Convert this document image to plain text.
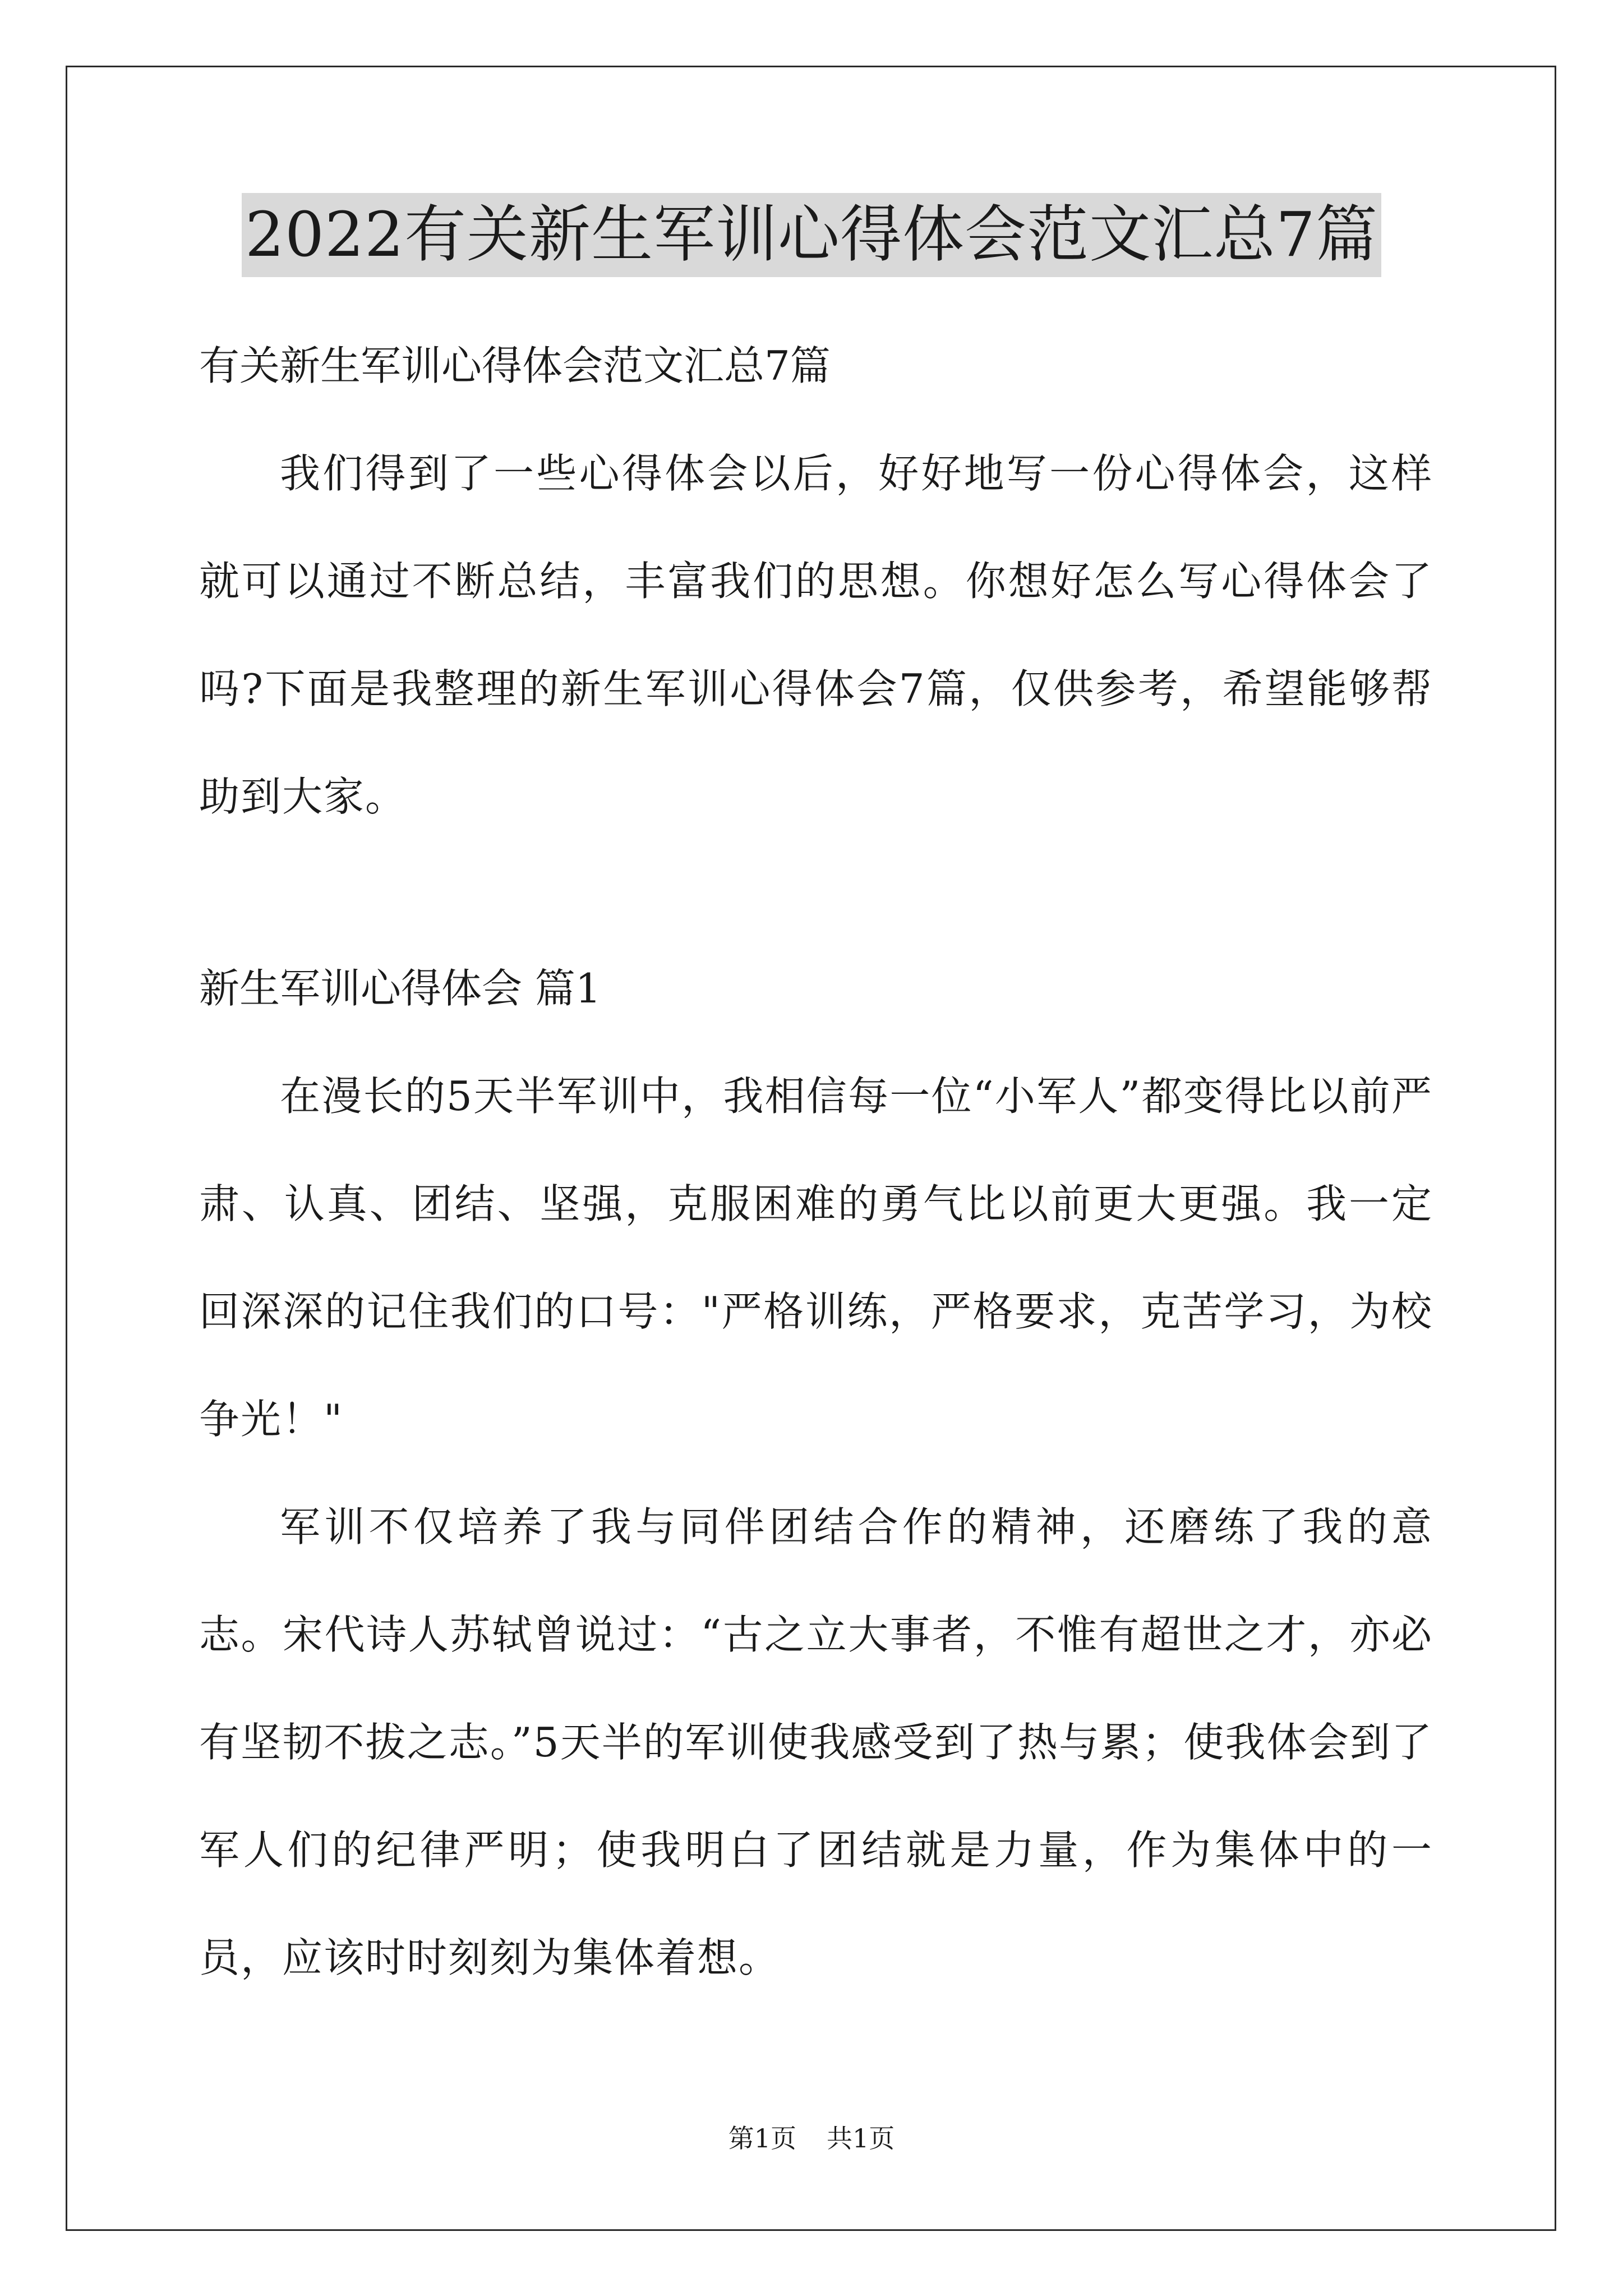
2022有关新生军训心得体会范文汇总7篇

有关新生军训心得体会范文汇总7篇

我们得到了一些心得体会以后，好好地写一份心得体会，这样就可以通过不断总结，丰富我们的思想。你想好怎么写心得体会了吗?下面是我整理的新生军训心得体会7篇，仅供参考，希望能够帮助到大家。

新生军训心得体会 篇1

在漫长的5天半军训中，我相信每一位“小军人”都变得比以前严肃、认真、团结、坚强，克服困难的勇气比以前更大更强。我一定回深深的记住我们的口号："严格训练，严格要求，克苦学习，为校争光！"

军训不仅培养了我与同伴团结合作的精神，还磨练了我的意志。宋代诗人苏轼曾说过：“古之立大事者，不惟有超世之才，亦必有坚韧不拔之志。”5天半的军训使我感受到了热与累；使我体会到了军人们的纪律严明；使我明白了团结就是力量，作为集体中的一员，应该时时刻刻为集体着想。

第1页 共1页
